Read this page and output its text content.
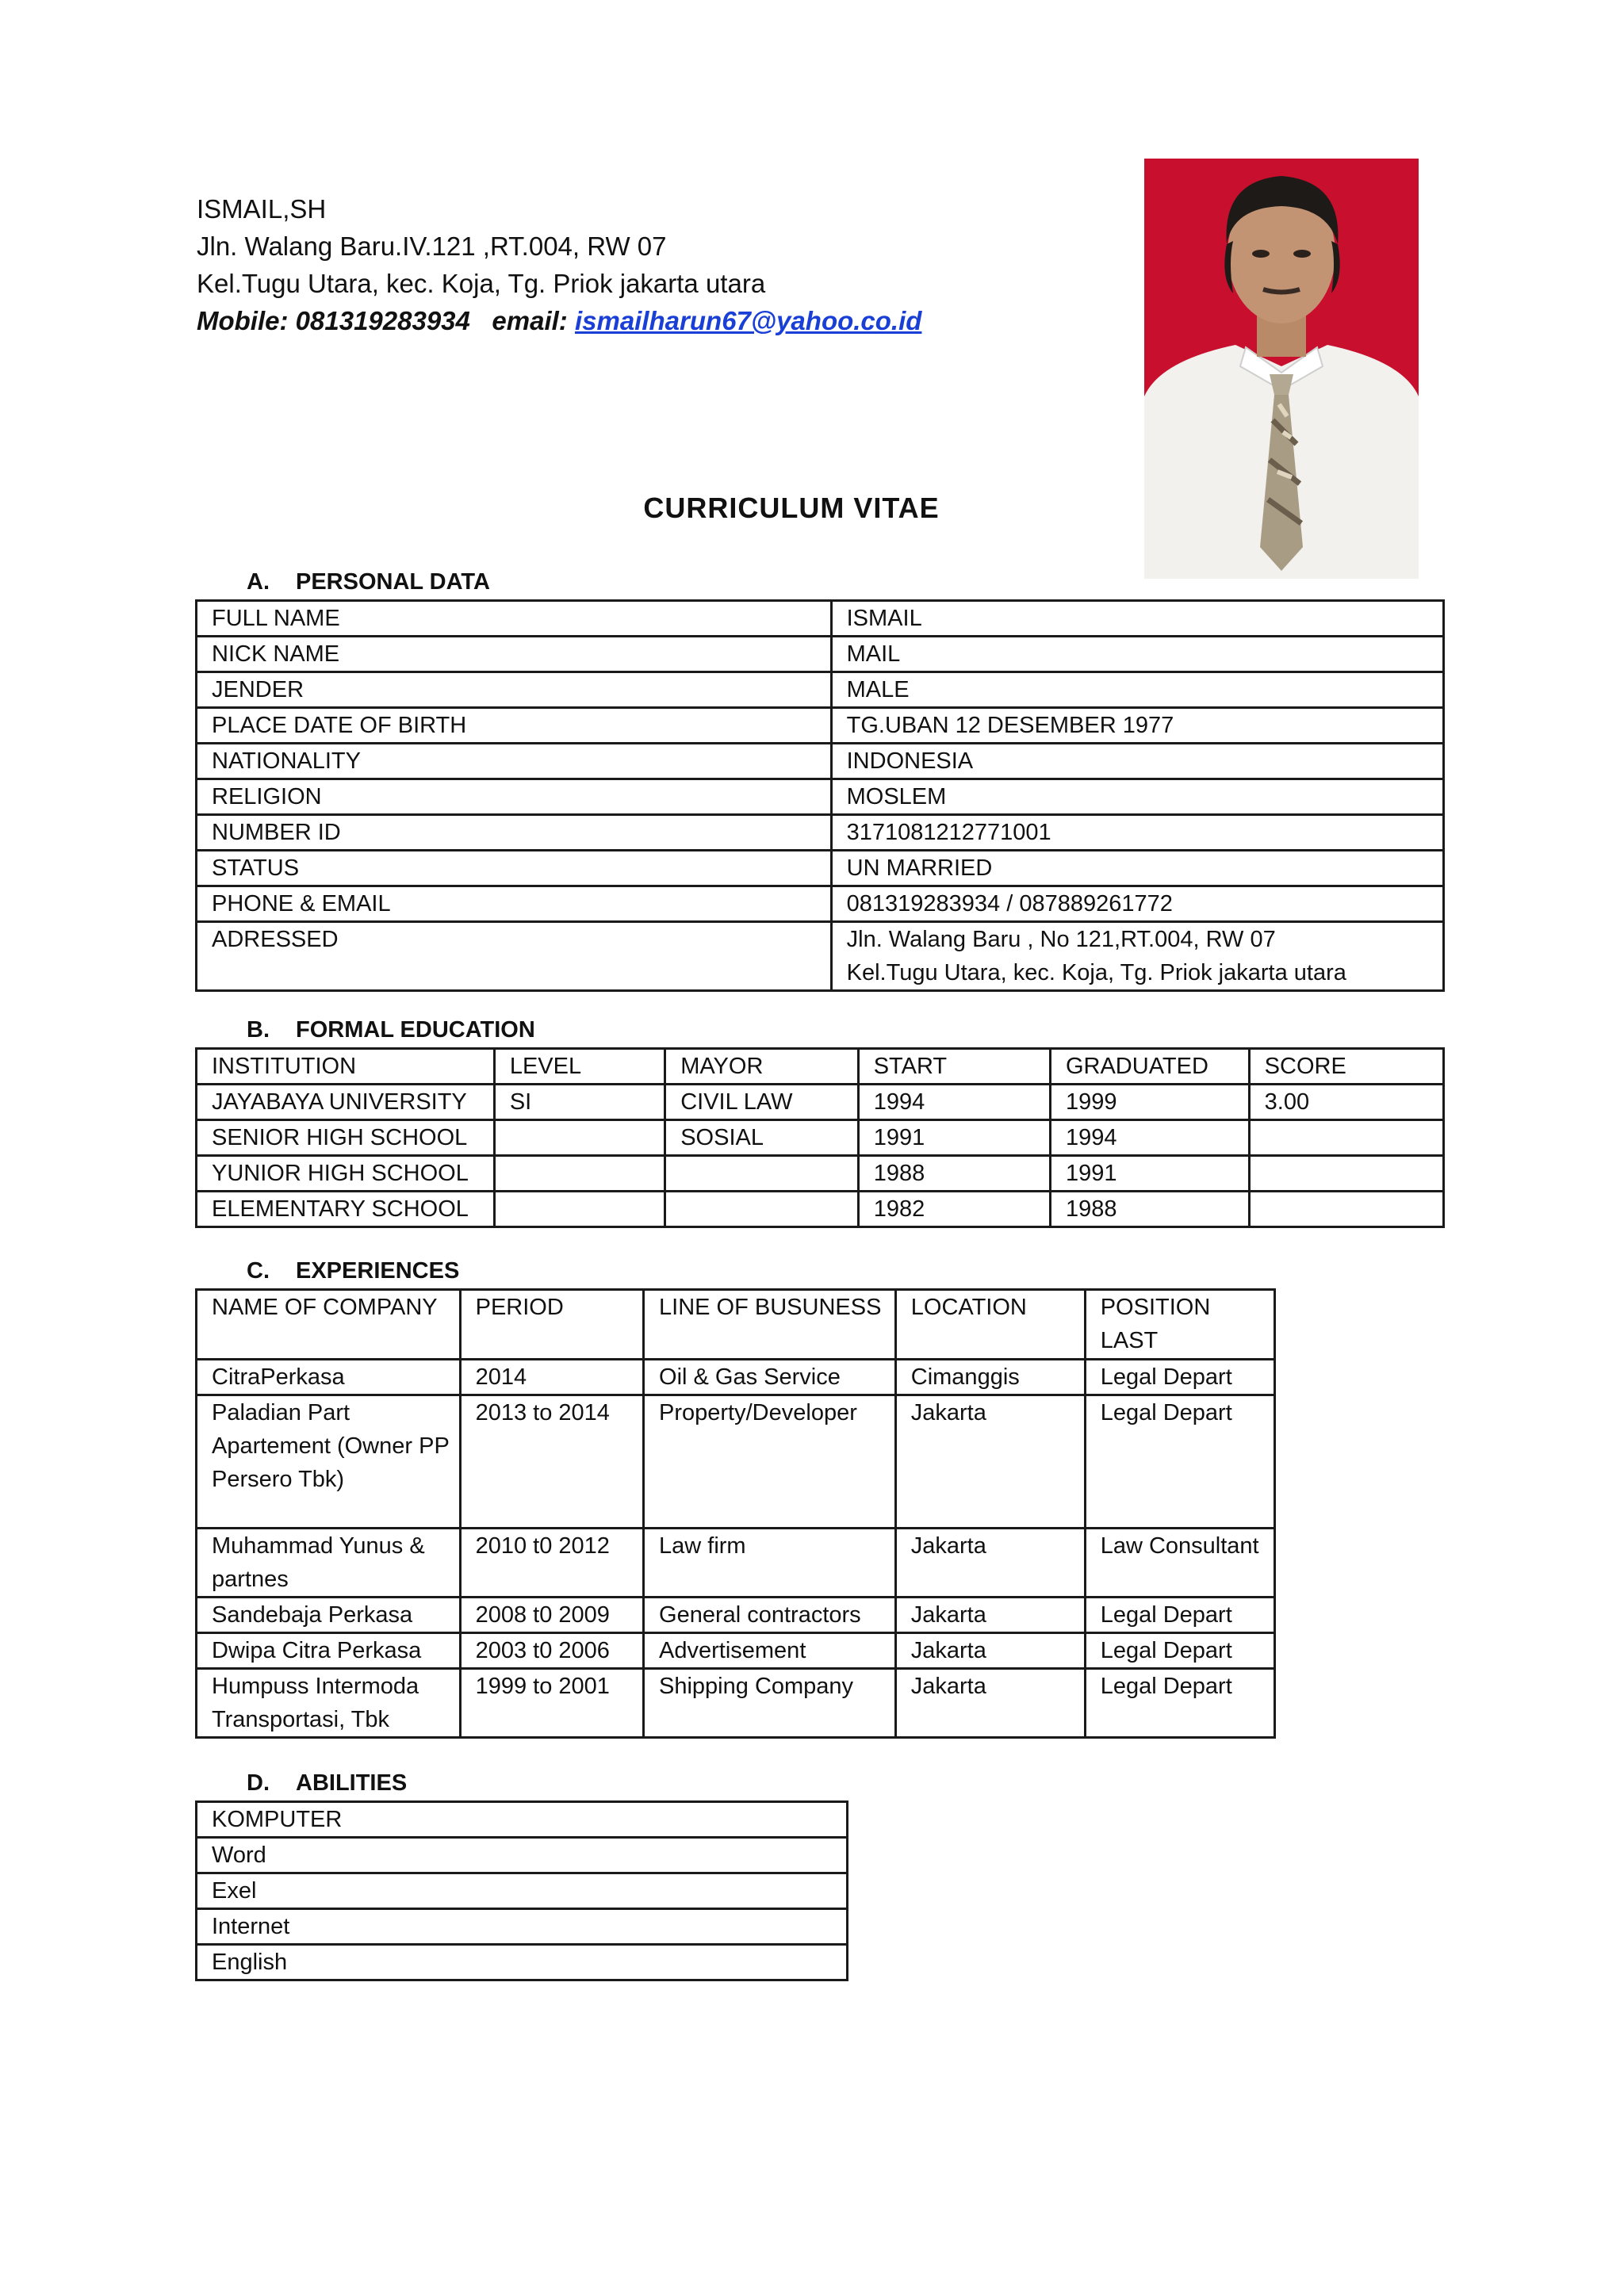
ISMAIL,SH
Jln. Walang Baru.IV.121 ,RT.004, RW 07
Kel.Tugu Utara, kec. Koja, Tg. Priok jakarta utara
Mobile: 081319283934 email: ismailharun67@yahoo.co.id
CURRICULUM VITAE
A. PERSONAL DATA
FULL NAME	ISMAIL
NICK NAME	MAIL
JENDER	MALE
PLACE DATE OF BIRTH	TG.UBAN 12 DESEMBER 1977
NATIONALITY	INDONESIA
RELIGION	MOSLEM
NUMBER ID	3171081212771001
STATUS	UN MARRIED
PHONE & EMAIL	081319283934 / 087889261772
ADRESSED	Jln. Walang Baru , No 121,RT.004, RW 07
Kel.Tugu Utara, kec. Koja, Tg. Priok jakarta utara
B. FORMAL EDUCATION
INSTITUTION	LEVEL	MAYOR	START	GRADUATED	SCORE
JAYABAYA UNIVERSITY	SI	CIVIL LAW	1994	1999	3.00
SENIOR HIGH SCHOOL		SOSIAL	1991	1994	
YUNIOR HIGH SCHOOL			1988	1991	
ELEMENTARY SCHOOL			1982	1988	
C. EXPERIENCES
NAME OF COMPANY	PERIOD	LINE OF BUSUNESS	LOCATION	POSITION LAST
CitraPerkasa	2014	Oil & Gas Service	Cimanggis	Legal Depart
Paladian Part Apartement (Owner PP Persero Tbk)	2013 to 2014	Property/Developer	Jakarta	Legal Depart
Muhammad Yunus & partnes	2010 t0 2012	Law firm	Jakarta	Law Consultant
Sandebaja Perkasa	2008 t0 2009	General contractors	Jakarta	Legal Depart
Dwipa Citra Perkasa	2003 t0 2006	Advertisement	Jakarta	Legal Depart
Humpuss Intermoda Transportasi, Tbk	1999 to 2001	Shipping Company	Jakarta	Legal Depart
D. ABILITIES
KOMPUTER
Word
Exel
Internet
English
